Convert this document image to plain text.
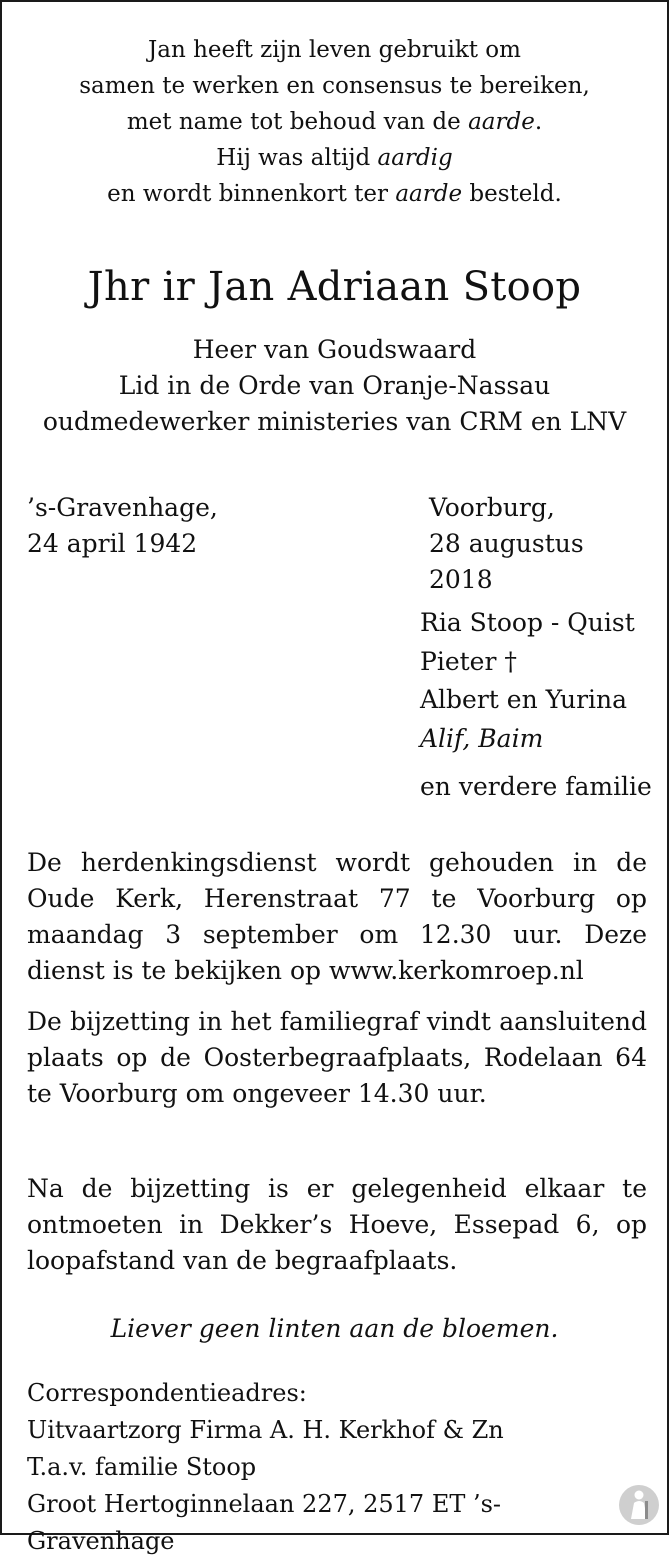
Jan heeft zijn leven gebruikt om
samen te werken en consensus te bereiken,
met name tot behoud van de aarde.
Hij was altijd aardig
en wordt binnenkort ter aarde besteld.
Jhr ir Jan Adriaan Stoop
Heer van Goudswaard
Lid in de Orde van Oranje-Nassau
oudmedewerker ministeries van CRM en LNV
’s-Gravenhage,
24 april 1942
Voorburg,
28 augustus 2018
Ria Stoop - Quist
Pieter †
Albert en Yurina
Alif, Baim
en verdere familie
De herdenkingsdienst wordt gehouden in de Oude Kerk, Herenstraat 77 te Voorburg op maandag 3 september om 12.30 uur. Deze dienst is te bekijken op www.kerkomroep.nl
De bijzetting in het familiegraf vindt aansluitend plaats op de Oosterbegraafplaats, Rodelaan 64 te Voorburg om ongeveer 14.30 uur.
Na de bijzetting is er gelegenheid elkaar te ontmoeten in Dekker’s Hoeve, Essepad 6, op loopafstand van de begraafplaats.
Liever geen linten aan de bloemen.
Correspondentieadres:
Uitvaartzorg Firma A. H. Kerkhof & Zn
T.a.v. familie Stoop
Groot Hertoginnelaan 227, 2517 ET ’s-Gravenhage
